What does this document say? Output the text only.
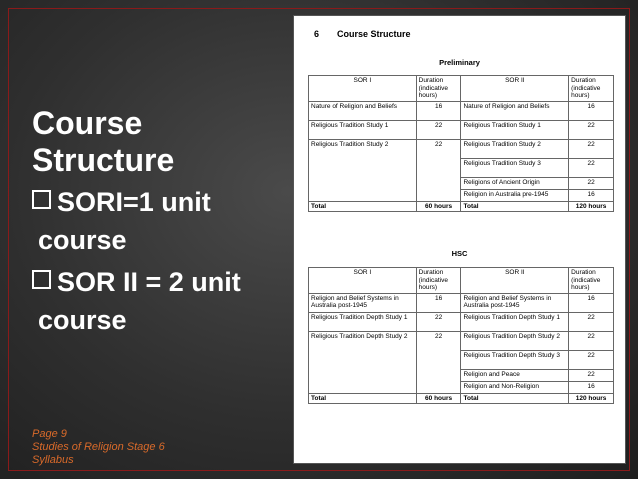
Course
Structure
SORI=1 unit
course
SOR II = 2 unit
course
Page 9
Studies of Religion Stage 6
Syllabus
6 Course Structure
Preliminary
SOR I	Duration (indicative hours)	SOR II	Duration (indicative hours)
Nature of Religion and Beliefs	16	Nature of Religion and Beliefs	16
Religious Tradition Study 1	22	Religious Tradition Study 1	22
Religious Tradition Study 2	22	Religious Tradition Study 2	22
		Religious Tradition Study 3	22
		Religions of Ancient Origin	22
		Religion in Australia pre-1945	16
Total	60 hours	Total	120 hours
HSC
SOR I	Duration (indicative hours)	SOR II	Duration (indicative hours)
Religion and Belief Systems in Australia post-1945	16	Religion and Belief Systems in Australia post-1945	16
Religious Tradition Depth Study 1	22	Religious Tradition Depth Study 1	22
Religious Tradition Depth Study 2	22	Religious Tradition Depth Study 2	22
		Religious Tradition Depth Study 3	22
		Religion and Peace	22
		Religion and Non-Religion	16
Total	60 hours	Total	120 hours
